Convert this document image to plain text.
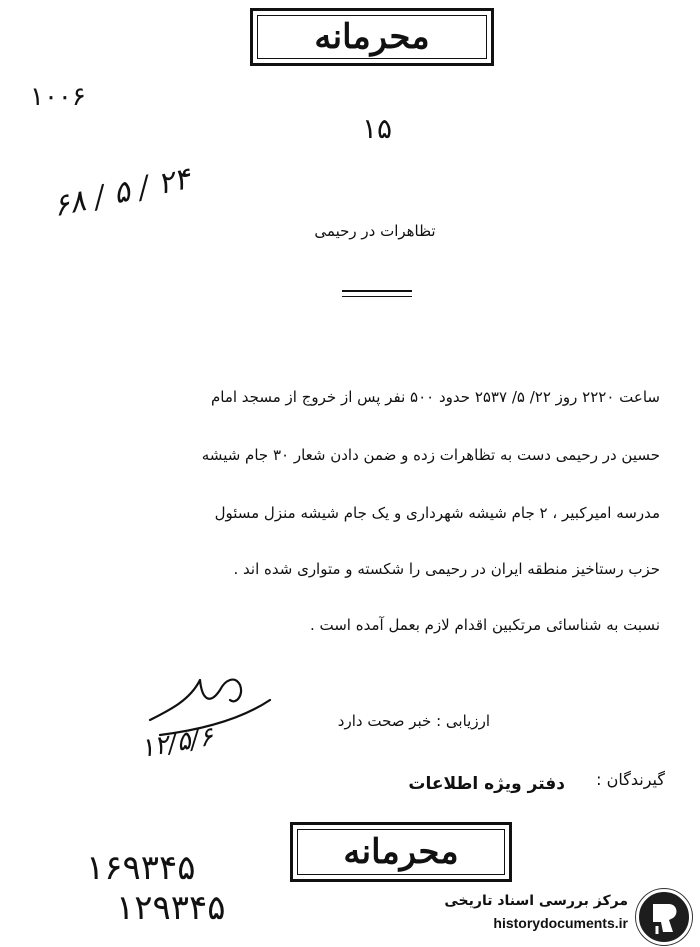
محرمانه
۱۰۰۶
۱۵
۲۴ / ۵ / ۶۸
تظاهرات در رحیمی
ساعت ۲۲۲۰ روز ۲۲/ ۵/ ۲۵۳۷ حدود ۵۰۰ نفر پس از خروج از مسجد امام
حسین در رحیمی دست به تظاهرات زده و ضمن دادن شعار ۳۰ جام شیشه
مدرسه امیرکبیر ، ۲ جام شیشه شهرداری و یک جام شیشه منزل مسئول
حزب رستاخیز منطقه ایران در رحیمی را شکسته و متواری شده اند .
نسبت به شناسائی مرتکبین اقدام لازم بعمل آمده است .
۱۲/۵/۶
ارزیابی : خبر صحت دارد
گیرندگان :
دفتر ویژه اطلاعات
محرمانه
۱۶۹۳۴۵
۱۲۹۳۴۵	مرکز بررسی اسناد تاریخی
historydocuments.ir
